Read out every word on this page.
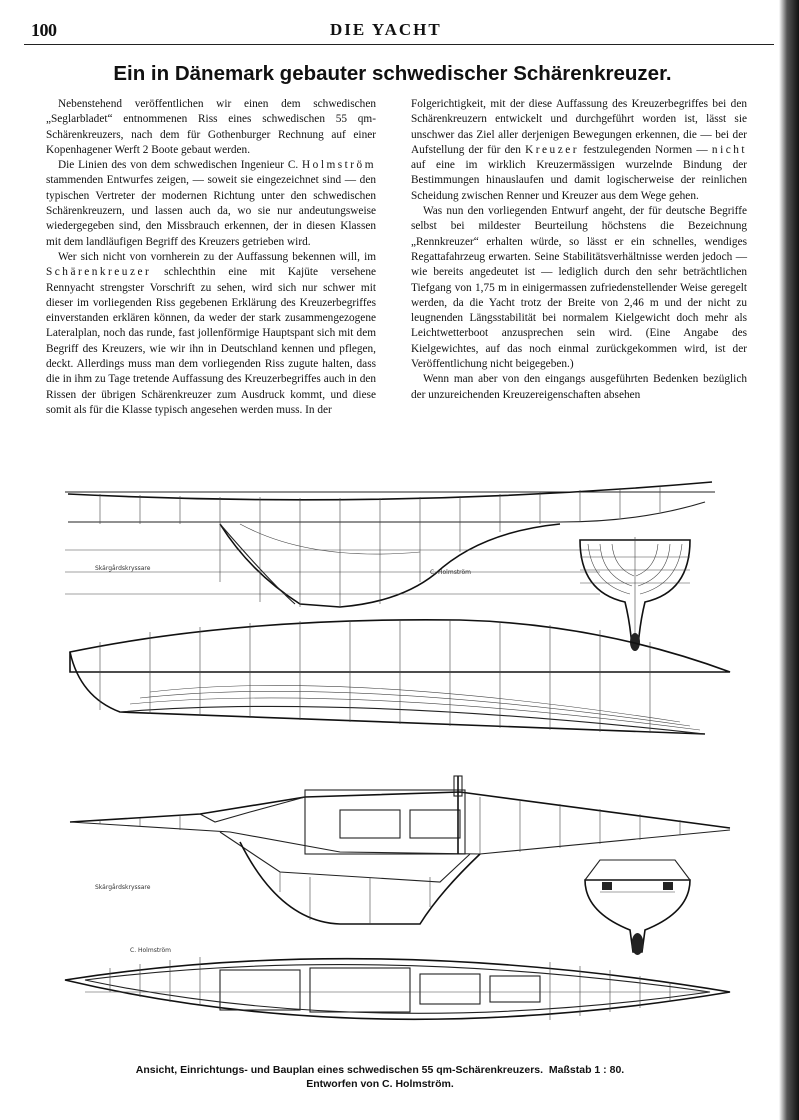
100	DIE YACHT
Ein in Dänemark gebauter schwedischer Schärenkreuzer.

Nebenstehend veröffentlichen wir einen dem schwedischen „Seglarbladet“ entnommenen Riss eines schwedischen 55 qm-Schärenkreuzers, nach dem für Gothenburger Rechnung auf einer Kopenhagener Werft 2 Boote gebaut werden.

Die Linien des von dem schwedischen Ingenieur C. Holmström stammenden Entwurfes zeigen, — soweit sie eingezeichnet sind — den typischen Vertreter der modernen Richtung unter den schwedischen Schärenkreuzern, und lassen auch da, wo sie nur andeutungsweise wiedergegeben sind, den Missbrauch erkennen, der in diesen Klassen mit dem landläufigen Begriff des Kreuzers getrieben wird.

Wer sich nicht von vornherein zu der Auffassung bekennen will, im Schärenkreuzer schlechthin eine mit Kajüte versehene Rennyacht strengster Vorschrift zu sehen, wird sich nur schwer mit dieser im vorliegenden Riss gegebenen Erklärung des Kreuzerbegriffes einverstanden erklären können, da weder der stark zusammengezogene Lateralplan, noch das runde, fast jollenförmige Hauptspant sich mit dem Begriff des Kreuzers, wie wir ihn in Deutschland kennen und pflegen, deckt. Allerdings muss man dem vorliegenden Riss zugute halten, dass die in ihm zu Tage tretende Auffassung des Kreuzerbegriffes auch in den Rissen der übrigen Schärenkreuzer zum Ausdruck kommt, und diese somit als für die Klasse typisch angesehen werden muss. In der

Folgerichtigkeit, mit der diese Auffassung des Kreuzerbegriffes bei den Schärenkreuzern entwickelt und durchgeführt worden ist, lässt sie unschwer das Ziel aller derjenigen Bewegungen erkennen, die — bei der Aufstellung der für den Kreuzer festzulegenden Normen — nicht auf eine im wirklich Kreuzermässigen wurzelnde Bindung der Bestimmungen hinauslaufen und damit logischerweise der reinlichen Scheidung zwischen Renner und Kreuzer aus dem Wege gehen.

Was nun den vorliegenden Entwurf angeht, der für deutsche Begriffe selbst bei mildester Beurteilung höchstens die Bezeichnung „Rennkreuzer“ erhalten würde, so lässt er ein schnelles, wendiges Regattafahrzeug erwarten. Seine Stabilitätsverhältnisse werden jedoch — wie bereits angedeutet ist — lediglich durch den sehr beträchtlichen Tiefgang von 1,75 m in einigermassen zufriedenstellender Weise geregelt werden, da die Yacht trotz der Breite von 2,46 m und der nicht zu leugnenden Längsstabilität bei normalem Kielgewicht doch mehr als Leichtwetterboot anzusprechen sein wird. (Eine Angabe des Kielgewichtes, auf das noch einmal zurückgekommen wird, ist der Veröffentlichung nicht beigegeben.)

Wenn man aber von den eingangs ausgeführten Bedenken bezüglich der unzureichenden Kreuzereigenschaften absehen

Skärgårdskryssare
C. Holmström
Skärgårdskryssare
C. Holmström
Ansicht, Einrichtungs- und Bauplan eines schwedischen 55 qm-Schärenkreuzers. Maßstab 1 : 80.
Entworfen von C. Holmström.
